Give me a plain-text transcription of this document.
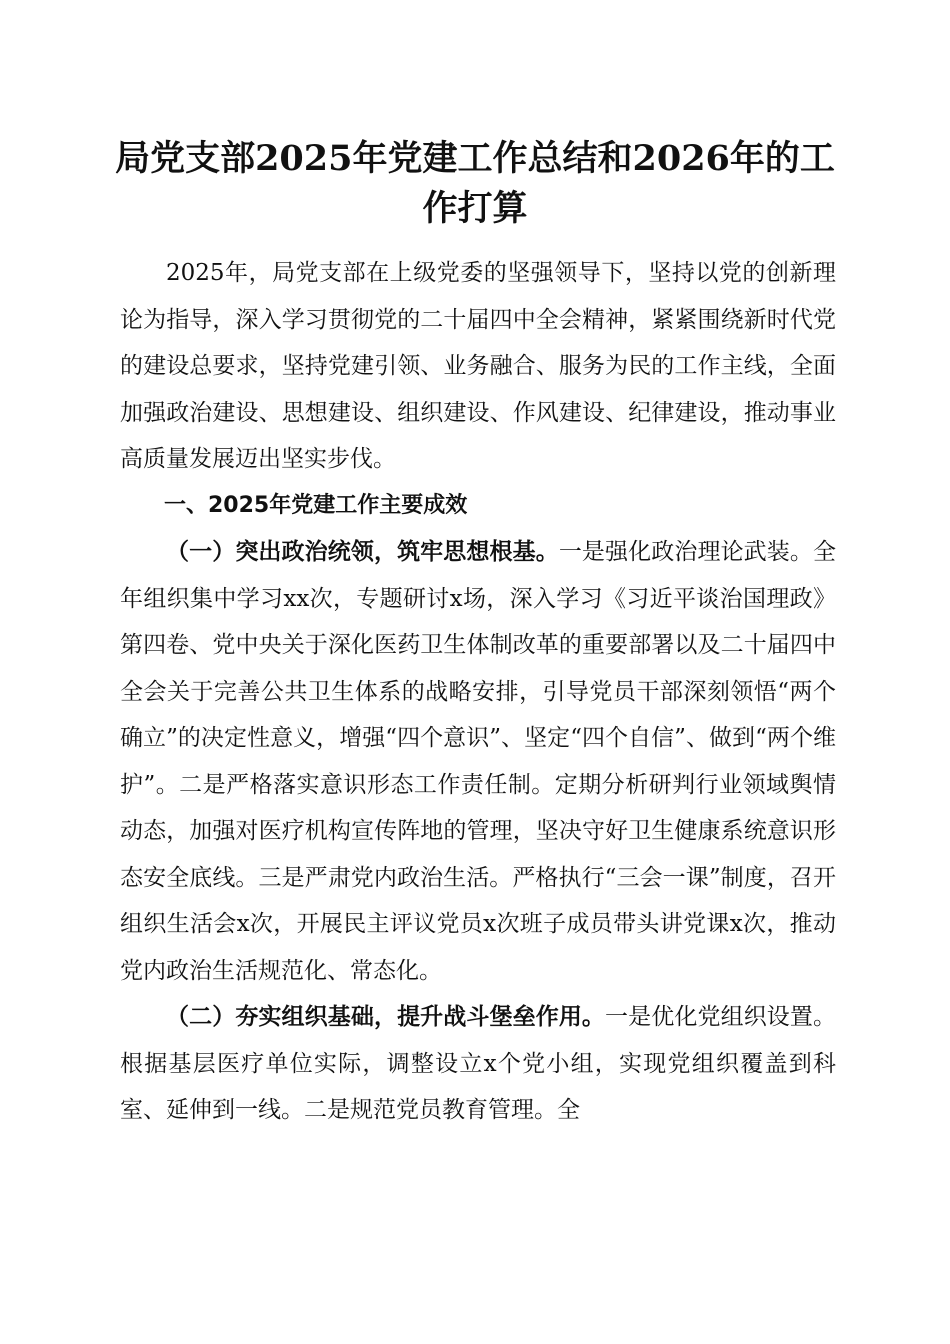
局党支部2025年党建工作总结和2026年的工作打算

2025年，局党支部在上级党委的坚强领导下，坚持以党的创新理论为指导，深入学习贯彻党的二十届四中全会精神，紧紧围绕新时代党的建设总要求，坚持党建引领、业务融合、服务为民的工作主线，全面加强政治建设、思想建设、组织建设、作风建设、纪律建设，推动事业高质量发展迈出坚实步伐。

一、2025年党建工作主要成效

（一）突出政治统领，筑牢思想根基。一是强化政治理论武装。全年组织集中学习xx次，专题研讨x场，深入学习《习近平谈治国理政》第四卷、党中央关于深化医药卫生体制改革的重要部署以及二十届四中全会关于完善公共卫生体系的战略安排，引导党员干部深刻领悟“两个确立”的决定性意义，增强“四个意识”、坚定“四个自信”、做到“两个维护”。二是严格落实意识形态工作责任制。定期分析研判行业领域舆情动态，加强对医疗机构宣传阵地的管理，坚决守好卫生健康系统意识形态安全底线。三是严肃党内政治生活。严格执行“三会一课”制度，召开组织生活会x次，开展民主评议党员x次班子成员带头讲党课x次，推动党内政治生活规范化、常态化。

（二）夯实组织基础，提升战斗堡垒作用。一是优化党组织设置。根据基层医疗单位实际，调整设立x个党小组，实现党组织覆盖到科室、延伸到一线。二是规范党员教育管理。全
